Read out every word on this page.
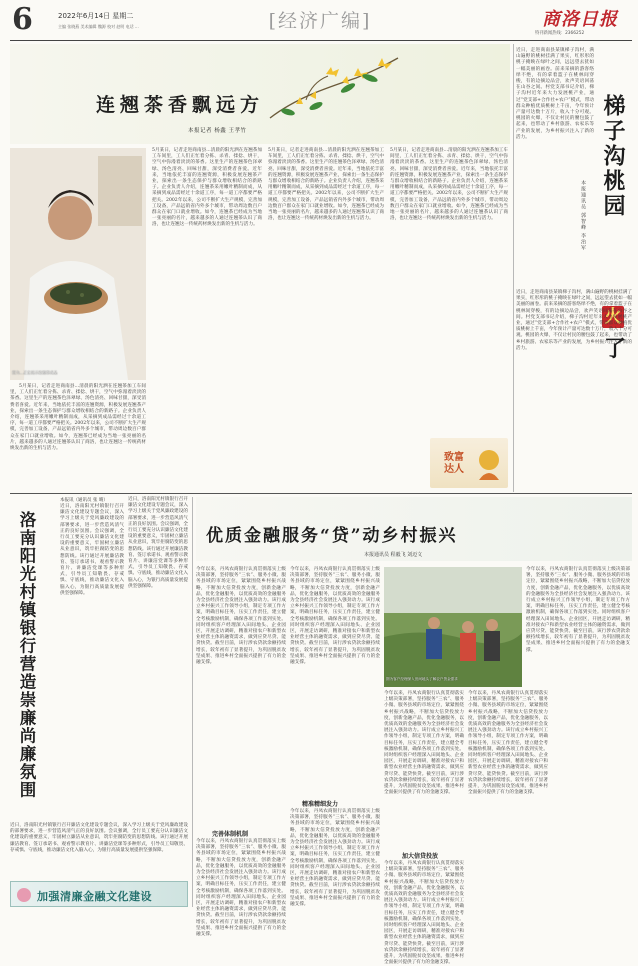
6	2022年6月14日 星期二
主编 张晓燕 美术编辑 魏源 校对 赵明 电话 ...	[经济广编]	商洛日报
特刊新闻热线：2366252
连翘茶香飘远方
本报记者 杨鑫 王孝竹
图为...正在展示连翘茶成品
5月某日，记者走进商南县...清晨的阳光洒在连翘茶加工车间里，工人们正忙着分拣、杀青、揉捻、烘干，空气中弥漫着淡淡的茶香。这里生产的连翘茶色泽翠绿、汤色清亮、回味甘甜，深受消费者喜爱。近年来，当地依托丰富的连翘资源，积极发展连翘茶产业，探索出一条生态保护与群众增收相结合的新路子。企业负责人介绍，连翘茶采用嫩叶精制而成，从采摘到成品需经过十余道工序，每一道工序都要严格把关。2002年以来，公司不断扩大生产规模，完善加工设备，产品远销省内外多个城市，带动周边数百户群众在家门口就业增收。如今，连翘茶已经成为当地一张亮丽的名片，越来越多的人通过连翘茶认识了商洛，也让连翘这一传统药材焕发出新的生机与活力。
5月某日，记者走进商南县...清晨的阳光洒在连翘茶加工车间里，工人们正忙着分拣、杀青、揉捻、烘干，空气中弥漫着淡淡的茶香。这里生产的连翘茶色泽翠绿、汤色清亮、回味甘甜，深受消费者喜爱。近年来，当地依托丰富的连翘资源，积极发展连翘茶产业，探索出一条生态保护与群众增收相结合的新路子。企业负责人介绍，连翘茶采用嫩叶精制而成，从采摘到成品需经过十余道工序，每一道工序都要严格把关。2002年以来，公司不断扩大生产规模，完善加工设备，产品远销省内外多个城市，带动周边数百户群众在家门口就业增收。如今，连翘茶已经成为当地一张亮丽的名片，越来越多的人通过连翘茶认识了商洛，也让连翘这一传统药材焕发出新的生机与活力。
5月某日，记者走进商南县...清晨的阳光洒在连翘茶加工车间里，工人们正忙着分拣、杀青、揉捻、烘干，空气中弥漫着淡淡的茶香。这里生产的连翘茶色泽翠绿、汤色清亮、回味甘甜，深受消费者喜爱。近年来，当地依托丰富的连翘资源，积极发展连翘茶产业，探索出一条生态保护与群众增收相结合的新路子。企业负责人介绍，连翘茶采用嫩叶精制而成，从采摘到成品需经过十余道工序，每一道工序都要严格把关。2002年以来，公司不断扩大生产规模，完善加工设备，产品远销省内外多个城市，带动周边数百户群众在家门口就业增收。如今，连翘茶已经成为当地一张亮丽的名片，越来越多的人通过连翘茶认识了商洛，也让连翘这一传统药材焕发出新的生机与活力。
5月某日，记者走进商南县...清晨的阳光洒在连翘茶加工车间里，工人们正忙着分拣、杀青、揉捻、烘干，空气中弥漫着淡淡的茶香。这里生产的连翘茶色泽翠绿、汤色清亮、回味甘甜，深受消费者喜爱。近年来，当地依托丰富的连翘资源，积极发展连翘茶产业，探索出一条生态保护与群众增收相结合的新路子。企业负责人介绍，连翘茶采用嫩叶精制而成，从采摘到成品需经过十余道工序，每一道工序都要严格把关。2002年以来，公司不断扩大生产规模，完善加工设备，产品远销省内外多个城市，带动周边数百户群众在家门口就业增收。如今，连翘茶已经成为当地一张亮丽的名片，越来越多的人通过连翘茶认识了商洛，也让连翘这一传统药材焕发出新的生机与活力。
近日，走进商南县某镇梯子沟村，满山遍野的桃树挂满了果实，红彤彤的桃子掩映在绿叶之间，远远望去犹如一幅美丽的画卷。前来采摘的游客络绎不绝，有的拿着篮子在桃林间穿梭，有的边摘边品尝，欢声笑语回荡在山谷之间。村党支部书记介绍，梯子沟村近年来大力发展桃产业，通过“党支部+合作社+农户”模式，带动群众种植优质桃树上千亩，今年预计产量可达数十万斤，收入十分可观。桃园的火爆，不仅让村民的腰包鼓了起来，也带动了乡村旅游、农家乐等产业的发展，为乡村振兴注入了新的活力。	梯子沟桃园
火
了
本报通讯员 郭智峰 李治军
近日，走进商南县某镇梯子沟村，满山遍野的桃树挂满了果实，红彤彤的桃子掩映在绿叶之间，远远望去犹如一幅美丽的画卷。前来采摘的游客络绎不绝，有的拿着篮子在桃林间穿梭，有的边摘边品尝，欢声笑语回荡在山谷之间。村党支部书记介绍，梯子沟村近年来大力发展桃产业，通过“党支部+合作社+农户”模式，带动群众种植优质桃树上千亩，今年预计产量可达数十万斤，收入十分可观。桃园的火爆，不仅让村民的腰包鼓了起来，也带动了乡村旅游、农家乐等产业的发展，为乡村振兴注入了新的活力。
致富达人
洛南阳光村镇银行营造崇廉尚廉氛围
本报讯（通讯员 张 晴）
近日，洛南阳光村镇银行召开廉洁文化建设专题会议，深入学习上级关于党风廉政建设的部署要求，进一步营造风清气正的良好氛围。会议强调，全行员工要充分认识廉洁文化建设的重要意义，牢固树立廉洁从业意识，筑牢拒腐防变的思想防线。该行通过开展廉洁教育、签订承诺书、观看警示教育片、讲廉洁党课等多种形式，引导员工知敬畏、存戒惧、守底线，推动廉洁文化入脑入心，为银行高质量发展提供坚强保障。
近日，洛南阳光村镇银行召开廉洁文化建设专题会议，深入学习上级关于党风廉政建设的部署要求，进一步营造风清气正的良好氛围。会议强调，全行员工要充分认识廉洁文化建设的重要意义，牢固树立廉洁从业意识，筑牢拒腐防变的思想防线。该行通过开展廉洁教育、签订承诺书、观看警示教育片、讲廉洁党课等多种形式，引导员工知敬畏、存戒惧、守底线，推动廉洁文化入脑入心，为银行高质量发展提供坚强保障。
近日，洛南阳光村镇银行召开廉洁文化建设专题会议，深入学习上级关于党风廉政建设的部署要求，进一步营造风清气正的良好氛围。会议强调，全行员工要充分认识廉洁文化建设的重要意义，牢固树立廉洁从业意识，筑牢拒腐防变的思想防线。该行通过开展廉洁教育、签订承诺书、观看警示教育片、讲廉洁党课等多种形式，引导员工知敬畏、存戒惧、守底线，推动廉洁文化入脑入心，为银行高质量发展提供坚强保障。
加强清廉金融文化建设
优质金融服务“贷”动乡村振兴
本报通讯员 程毅飞 刘迈文
图为客户经理深入田间地头了解农户资金需求
今年以来，丹凤农商银行认真贯彻落实上级决策部署，坚持服务“三农”、服务小微、服务县域的市场定位，紧紧围绕乡村振兴战略，不断加大信贷投放力度，创新金融产品，优化金融服务，以优质高效的金融服务为全县经济社会发展注入强劲动力。该行成立乡村振兴工作领导小组，制定专项工作方案，明确目标任务，压实工作责任，建立健全考核激励机制，确保各项工作落到实处。同时组织客户经理深入田间地头、企业园区，开展走访调研，精准对接农户和新型农业经营主体的融资需求，做到应贷尽贷、能贷快贷。截至目前，该行涉农贷款余额持续增长，较年初有了显著提升，为巩固脱贫攻坚成果、推进乡村全面振兴提供了有力的金融支撑。
完善体制机制
今年以来，丹凤农商银行认真贯彻落实上级决策部署，坚持服务“三农”、服务小微、服务县域的市场定位，紧紧围绕乡村振兴战略，不断加大信贷投放力度，创新金融产品，优化金融服务，以优质高效的金融服务为全县经济社会发展注入强劲动力。该行成立乡村振兴工作领导小组，制定专项工作方案，明确目标任务，压实工作责任，建立健全考核激励机制，确保各项工作落到实处。同时组织客户经理深入田间地头、企业园区，开展走访调研，精准对接农户和新型农业经营主体的融资需求，做到应贷尽贷、能贷快贷。截至目前，该行涉农贷款余额持续增长，较年初有了显著提升，为巩固脱贫攻坚成果、推进乡村全面振兴提供了有力的金融支撑。
今年以来，丹凤农商银行认真贯彻落实上级决策部署，坚持服务“三农”、服务小微、服务县域的市场定位，紧紧围绕乡村振兴战略，不断加大信贷投放力度，创新金融产品，优化金融服务，以优质高效的金融服务为全县经济社会发展注入强劲动力。该行成立乡村振兴工作领导小组，制定专项工作方案，明确目标任务，压实工作责任，建立健全考核激励机制，确保各项工作落到实处。同时组织客户经理深入田间地头、企业园区，开展走访调研，精准对接农户和新型农业经营主体的融资需求，做到应贷尽贷、能贷快贷。截至目前，该行涉农贷款余额持续增长，较年初有了显著提升，为巩固脱贫攻坚成果、推进乡村全面振兴提供了有力的金融支撑。
精准精细发力
今年以来，丹凤农商银行认真贯彻落实上级决策部署，坚持服务“三农”、服务小微、服务县域的市场定位，紧紧围绕乡村振兴战略，不断加大信贷投放力度，创新金融产品，优化金融服务，以优质高效的金融服务为全县经济社会发展注入强劲动力。该行成立乡村振兴工作领导小组，制定专项工作方案，明确目标任务，压实工作责任，建立健全考核激励机制，确保各项工作落到实处。同时组织客户经理深入田间地头、企业园区，开展走访调研，精准对接农户和新型农业经营主体的融资需求，做到应贷尽贷、能贷快贷。截至目前，该行涉农贷款余额持续增长，较年初有了显著提升，为巩固脱贫攻坚成果、推进乡村全面振兴提供了有力的金融支撑。
今年以来，丹凤农商银行认真贯彻落实上级决策部署，坚持服务“三农”、服务小微、服务县域的市场定位，紧紧围绕乡村振兴战略，不断加大信贷投放力度，创新金融产品，优化金融服务，以优质高效的金融服务为全县经济社会发展注入强劲动力。该行成立乡村振兴工作领导小组，制定专项工作方案，明确目标任务，压实工作责任，建立健全考核激励机制，确保各项工作落到实处。同时组织客户经理深入田间地头、企业园区，开展走访调研，精准对接农户和新型农业经营主体的融资需求，做到应贷尽贷、能贷快贷。截至目前，该行涉农贷款余额持续增长，较年初有了显著提升，为巩固脱贫攻坚成果、推进乡村全面振兴提供了有力的金融支撑。
加大信贷投放
今年以来，丹凤农商银行认真贯彻落实上级决策部署，坚持服务“三农”、服务小微、服务县域的市场定位，紧紧围绕乡村振兴战略，不断加大信贷投放力度，创新金融产品，优化金融服务，以优质高效的金融服务为全县经济社会发展注入强劲动力。该行成立乡村振兴工作领导小组，制定专项工作方案，明确目标任务，压实工作责任，建立健全考核激励机制，确保各项工作落到实处。同时组织客户经理深入田间地头、企业园区，开展走访调研，精准对接农户和新型农业经营主体的融资需求，做到应贷尽贷、能贷快贷。截至目前，该行涉农贷款余额持续增长，较年初有了显著提升，为巩固脱贫攻坚成果、推进乡村全面振兴提供了有力的金融支撑。
今年以来，丹凤农商银行认真贯彻落实上级决策部署，坚持服务“三农”、服务小微、服务县域的市场定位，紧紧围绕乡村振兴战略，不断加大信贷投放力度，创新金融产品，优化金融服务，以优质高效的金融服务为全县经济社会发展注入强劲动力。该行成立乡村振兴工作领导小组，制定专项工作方案，明确目标任务，压实工作责任，建立健全考核激励机制，确保各项工作落到实处。同时组织客户经理深入田间地头、企业园区，开展走访调研，精准对接农户和新型农业经营主体的融资需求，做到应贷尽贷、能贷快贷。截至目前，该行涉农贷款余额持续增长，较年初有了显著提升，为巩固脱贫攻坚成果、推进乡村全面振兴提供了有力的金融支撑。
今年以来，丹凤农商银行认真贯彻落实上级决策部署，坚持服务“三农”、服务小微、服务县域的市场定位，紧紧围绕乡村振兴战略，不断加大信贷投放力度，创新金融产品，优化金融服务，以优质高效的金融服务为全县经济社会发展注入强劲动力。该行成立乡村振兴工作领导小组，制定专项工作方案，明确目标任务，压实工作责任，建立健全考核激励机制，确保各项工作落到实处。同时组织客户经理深入田间地头、企业园区，开展走访调研，精准对接农户和新型农业经营主体的融资需求，做到应贷尽贷、能贷快贷。截至目前，该行涉农贷款余额持续增长，较年初有了显著提升，为巩固脱贫攻坚成果、推进乡村全面振兴提供了有力的金融支撑。
